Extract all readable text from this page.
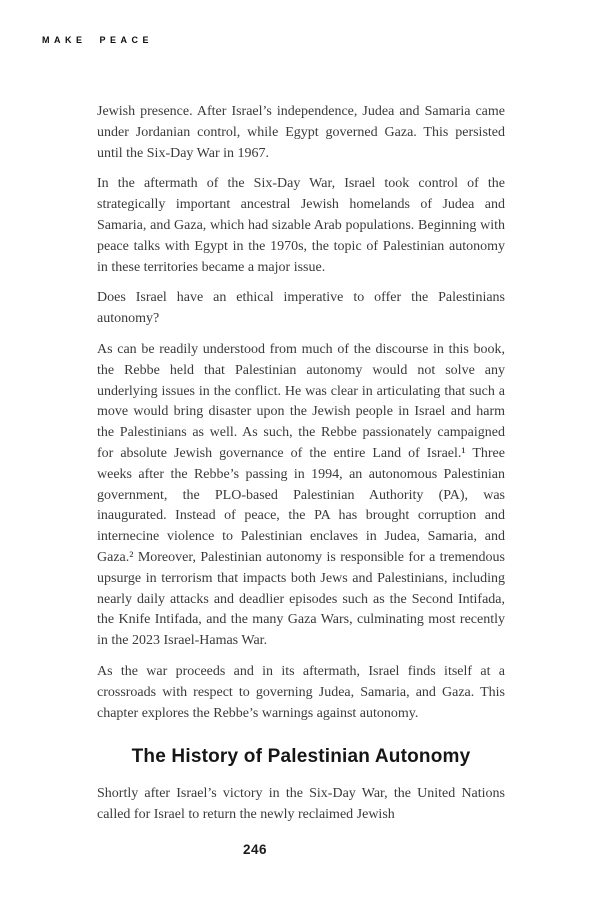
MAKE PEACE

Jewish presence. After Israel’s independence, Judea and Samaria came under Jordanian control, while Egypt governed Gaza. This persisted until the Six-Day War in 1967.

In the aftermath of the Six-Day War, Israel took control of the strategically important ancestral Jewish homelands of Judea and Samaria, and Gaza, which had sizable Arab populations. Beginning with peace talks with Egypt in the 1970s, the topic of Palestinian autonomy in these territories became a major issue.

Does Israel have an ethical imperative to offer the Palestinians autonomy?

As can be readily understood from much of the discourse in this book, the Rebbe held that Palestinian autonomy would not solve any underlying issues in the conflict. He was clear in articulating that such a move would bring disaster upon the Jewish people in Israel and harm the Palestinians as well. As such, the Rebbe passionately campaigned for absolute Jewish governance of the entire Land of Israel.¹ Three weeks after the Rebbe’s passing in 1994, an autonomous Palestinian government, the PLO-based Palestinian Authority (PA), was inaugurated. Instead of peace, the PA has brought corruption and internecine violence to Palestinian enclaves in Judea, Samaria, and Gaza.² Moreover, Palestinian autonomy is responsible for a tremendous upsurge in terrorism that impacts both Jews and Palestinians, including nearly daily attacks and deadlier episodes such as the Second Intifada, the Knife Intifada, and the many Gaza Wars, culminating most recently in the 2023 Israel-Hamas War.

As the war proceeds and in its aftermath, Israel finds itself at a crossroads with respect to governing Judea, Samaria, and Gaza. This chapter explores the Rebbe’s warnings against autonomy.

The History of Palestinian Autonomy

Shortly after Israel’s victory in the Six-Day War, the United Nations called for Israel to return the newly reclaimed Jewish

246
